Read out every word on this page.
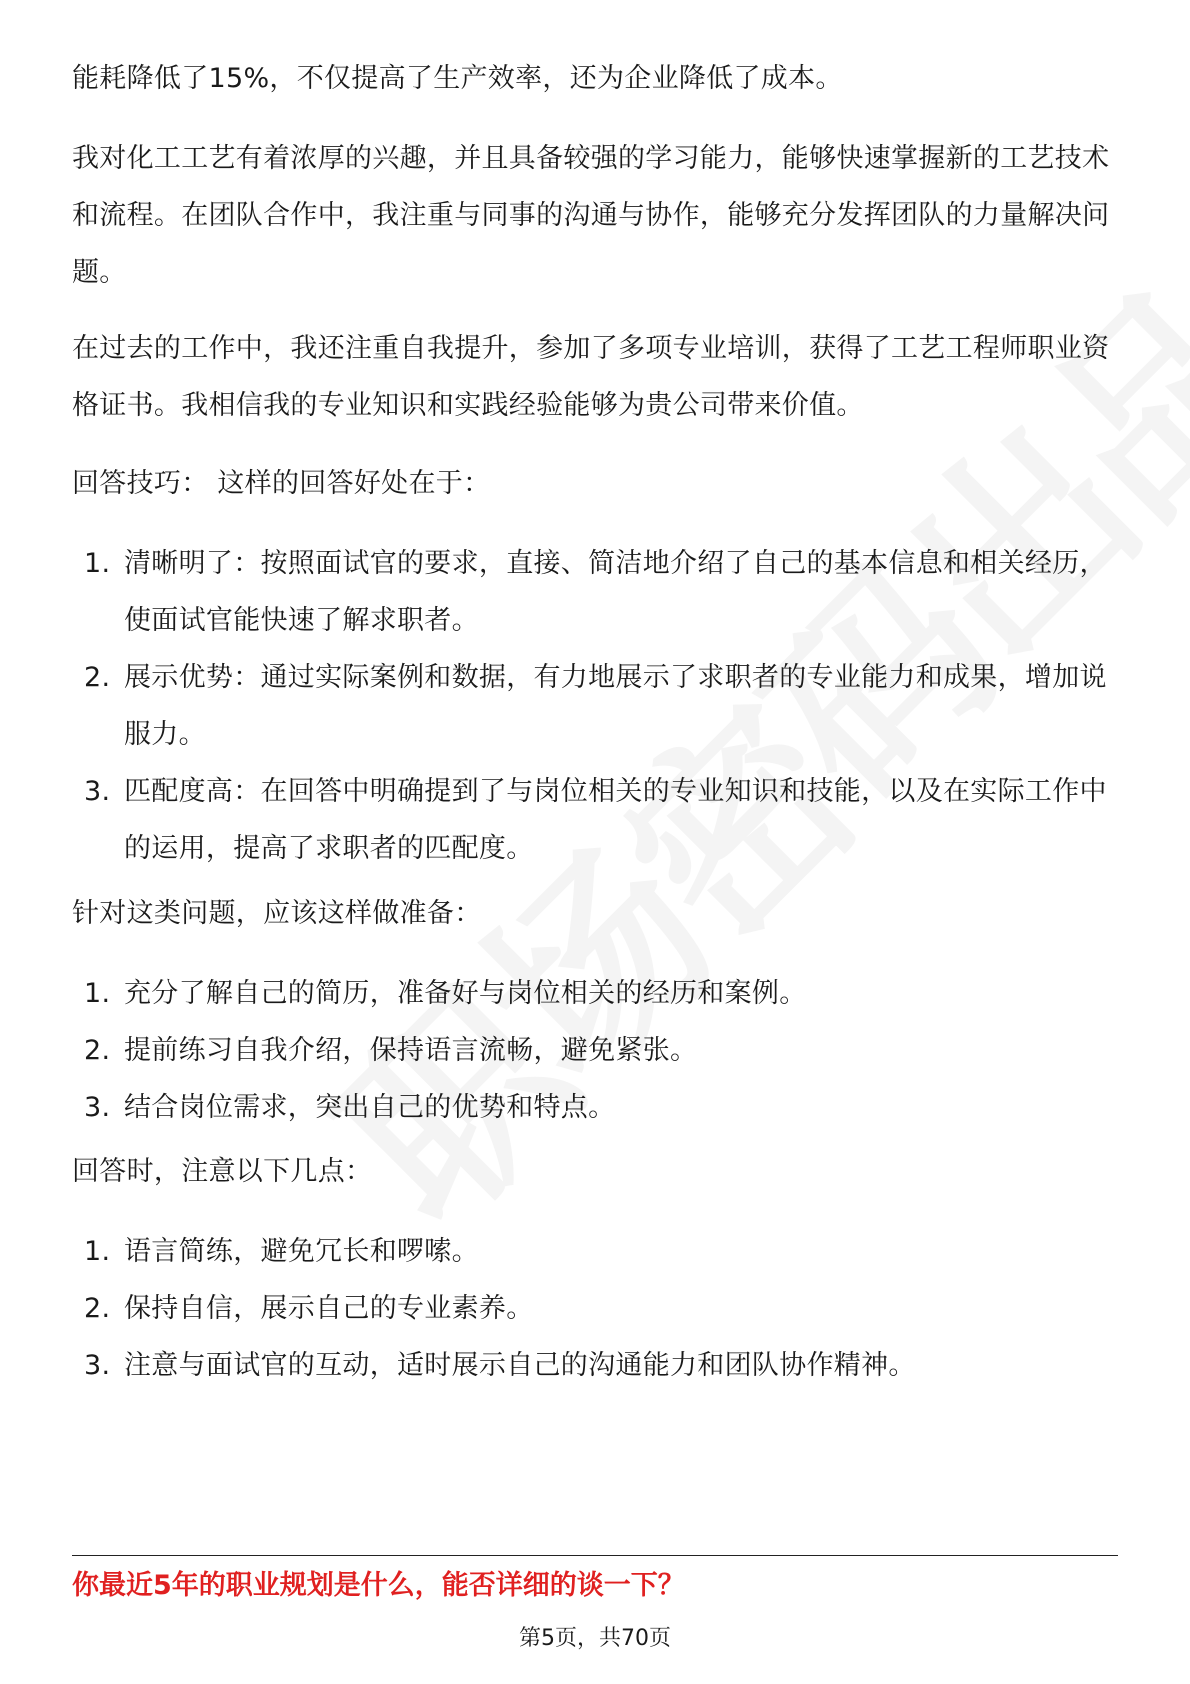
能耗降低了15%，不仅提高了生产效率，还为企业降低了成本。

我对化工工艺有着浓厚的兴趣，并且具备较强的学习能力，能够快速掌握新的工艺技术和流程。在团队合作中，我注重与同事的沟通与协作，能够充分发挥团队的力量解决问题。

在过去的工作中，我还注重自我提升，参加了多项专业培训，获得了工艺工程师职业资格证书。我相信我的专业知识和实践经验能够为贵公司带来价值。

回答技巧： 这样的回答好处在于：

1. 清晰明了：按照面试官的要求，直接、简洁地介绍了自己的基本信息和相关经历，使面试官能快速了解求职者。
2. 展示优势：通过实际案例和数据，有力地展示了求职者的专业能力和成果，增加说服力。
3. 匹配度高：在回答中明确提到了与岗位相关的专业知识和技能，以及在实际工作中的运用，提高了求职者的匹配度。

针对这类问题，应该这样做准备：

1. 充分了解自己的简历，准备好与岗位相关的经历和案例。
2. 提前练习自我介绍，保持语言流畅，避免紧张。
3. 结合岗位需求，突出自己的优势和特点。

回答时，注意以下几点：

1. 语言简练，避免冗长和啰嗦。
2. 保持自信，展示自己的专业素养。
3. 注意与面试官的互动，适时展示自己的沟通能力和团队协作精神。

你最近5年的职业规划是什么，能否详细的谈一下？

第5页，共70页
